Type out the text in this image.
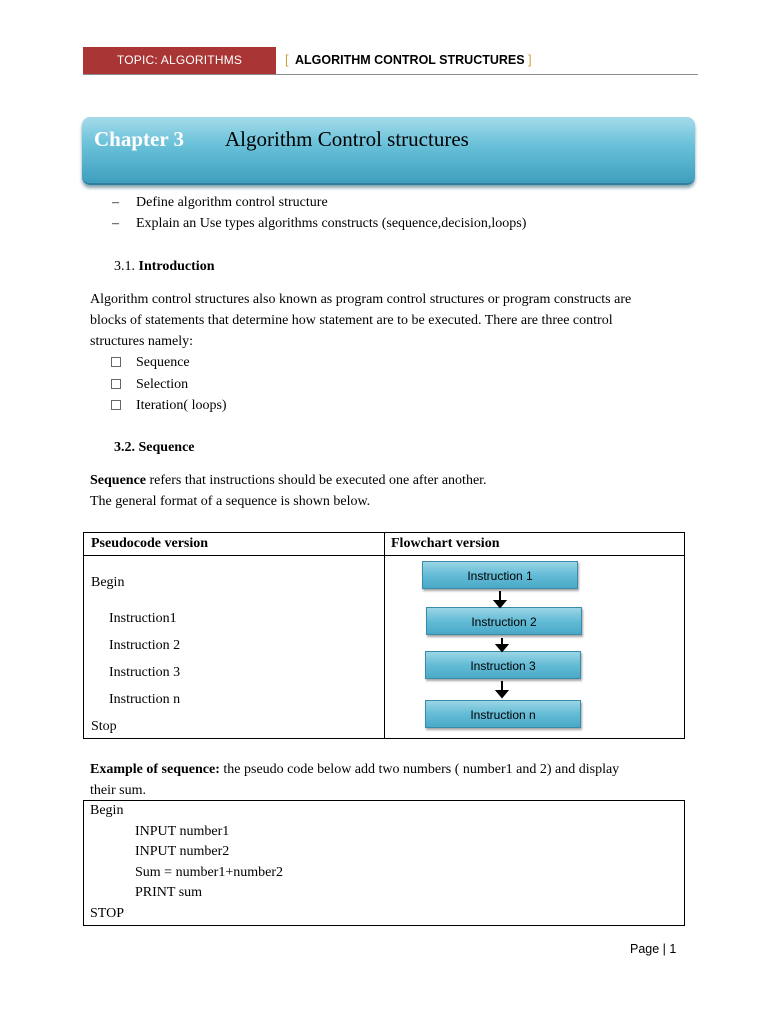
TOPIC: ALGORITHMS	[ ALGORITHM CONTROL STRUCTURES ]
Chapter 3 Algorithm Control structures
– Define algorithm control structure
– Explain an Use types algorithms constructs (sequence,decision,loops)
3.1. Introduction
Algorithm control structures also known as program control structures or program constructs are
blocks of statements that determine how statement are to be executed. There are three control
structures namely:
Sequence
Selection
Iteration( loops)
3.2. Sequence
Sequence refers that instructions should be executed one after another.
The general format of a sequence is shown below.
Pseudocode version	Flowchart version
Begin
Instruction1
Instruction 2
Instruction 3
Instruction n
Stop
Instruction 1
Instruction 2
Instruction 3
Instruction n
Example of sequence: the pseudo code below add two numbers ( number1 and 2) and display
their sum.
Begin
INPUT number1
INPUT number2
Sum = number1+number2
PRINT sum
STOP
Page | 1
